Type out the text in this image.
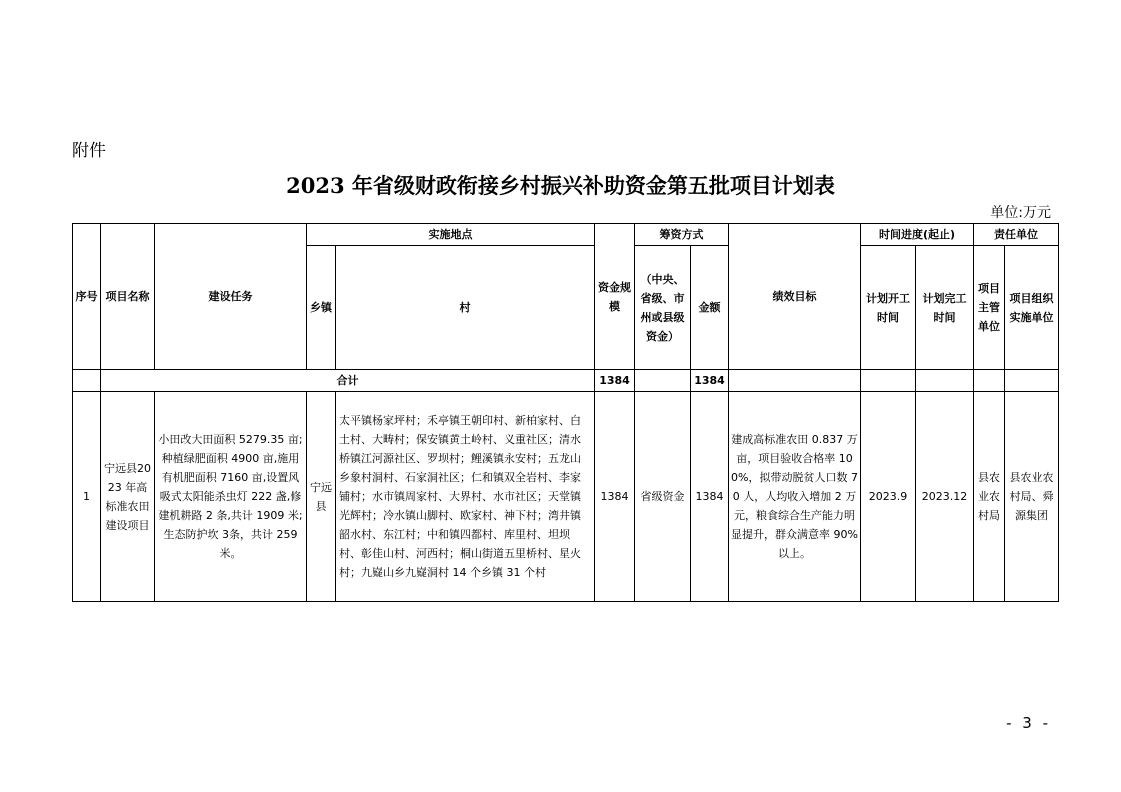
附件
2023 年省级财政衔接乡村振兴补助资金第五批项目计划表
单位:万元
序号	项目名称	建设任务	实施地点		资金规模	筹资方式		绩效目标	时间进度(起止)		责任单位	
			乡镇	村		（中央、省级、市州或县级资金）	金额		计划开工时间	计划完工时间	项目主管单位	项目组织实施单位
	合计				1384		1384					
1	宁远县2023 年高标准农田建设项目	小田改大田面积 5279.35 亩;种植绿肥面积 4900 亩,施用有机肥面积 7160 亩,设置风吸式太阳能杀虫灯 222 盏,修建机耕路 2 条,共计 1909 米;生态防护坎 3条，共计 259 米。	宁远县	太平镇杨家坪村；禾亭镇王朝印村、新柏家村、白土村、大畴村；保安镇黄土岭村、义重社区；清水桥镇江河源社区、罗坝村；鲤溪镇永安村；五龙山乡象村洞村、石家洞社区；仁和镇双全岩村、李家铺村；水市镇周家村、大界村、水市社区；天堂镇光辉村；冷水镇山脚村、欧家村、神下村；湾井镇韶水村、东江村；中和镇四都村、库里村、坦坝村、彰佳山村、河西村；桐山街道五里桥村、星火村；九嶷山乡九嶷洞村 14 个乡镇 31 个村	1384	省级资金	1384	建成高标准农田 0.837 万亩，项目验收合格率 100%，拟带动脱贫人口数 70 人，人均收入增加 2 万元，粮食综合生产能力明显提升，群众满意率 90%以上。	2023.9	2023.12	县农业农村局	县农业农村局、舜源集团
- 3 -
